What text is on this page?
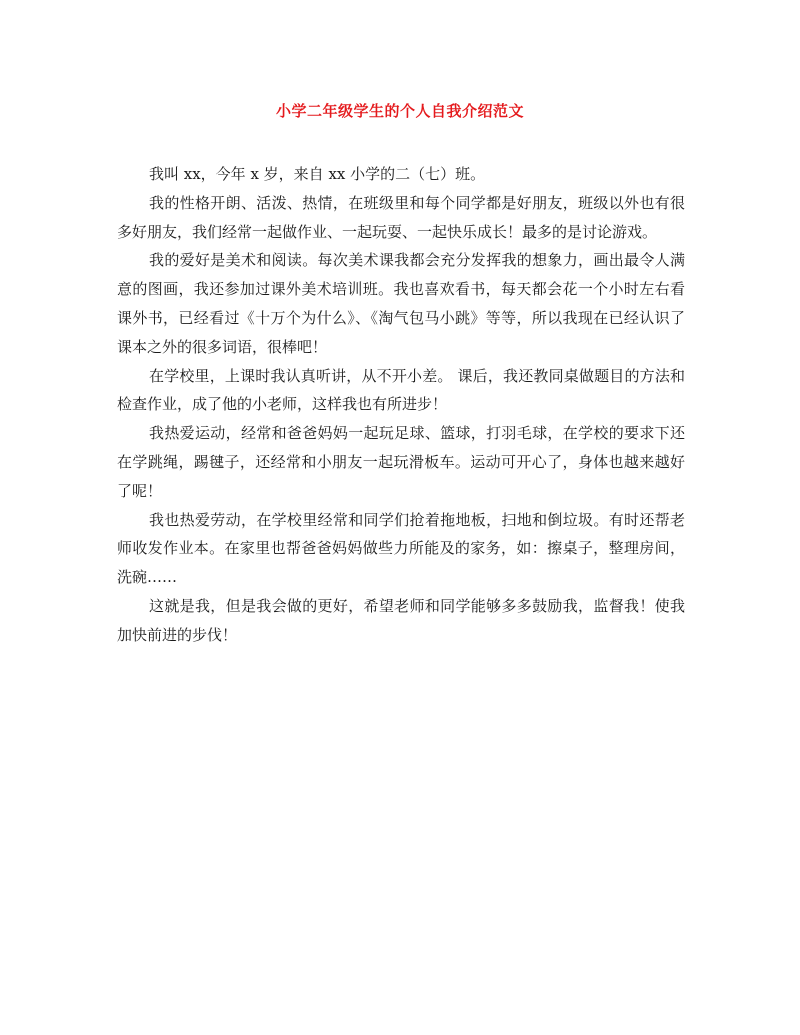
小学二年级学生的个人自我介绍范文

我叫 xx，今年 x 岁，来自 xx 小学的二（七）班。

我的性格开朗、活泼、热情，在班级里和每个同学都是好朋友，班级以外也有很多好朋友，我们经常一起做作业、一起玩耍、一起快乐成长！最多的是讨论游戏。

我的爱好是美术和阅读。每次美术课我都会充分发挥我的想象力，画出最令人满意的图画，我还参加过课外美术培训班。我也喜欢看书，每天都会花一个小时左右看课外书，已经看过《十万个为什么》、《淘气包马小跳》等等，所以我现在已经认识了课本之外的很多词语，很棒吧！

在学校里，上课时我认真听讲，从不开小差。 课后，我还教同桌做题目的方法和检查作业，成了他的小老师，这样我也有所进步！

我热爱运动，经常和爸爸妈妈一起玩足球、篮球，打羽毛球，在学校的要求下还在学跳绳，踢毽子，还经常和小朋友一起玩滑板车。运动可开心了，身体也越来越好了呢！

我也热爱劳动，在学校里经常和同学们抢着拖地板，扫地和倒垃圾。有时还帮老师收发作业本。在家里也帮爸爸妈妈做些力所能及的家务，如：擦桌子，整理房间，洗碗……

这就是我，但是我会做的更好，希望老师和同学能够多多鼓励我，监督我！使我加快前进的步伐！
